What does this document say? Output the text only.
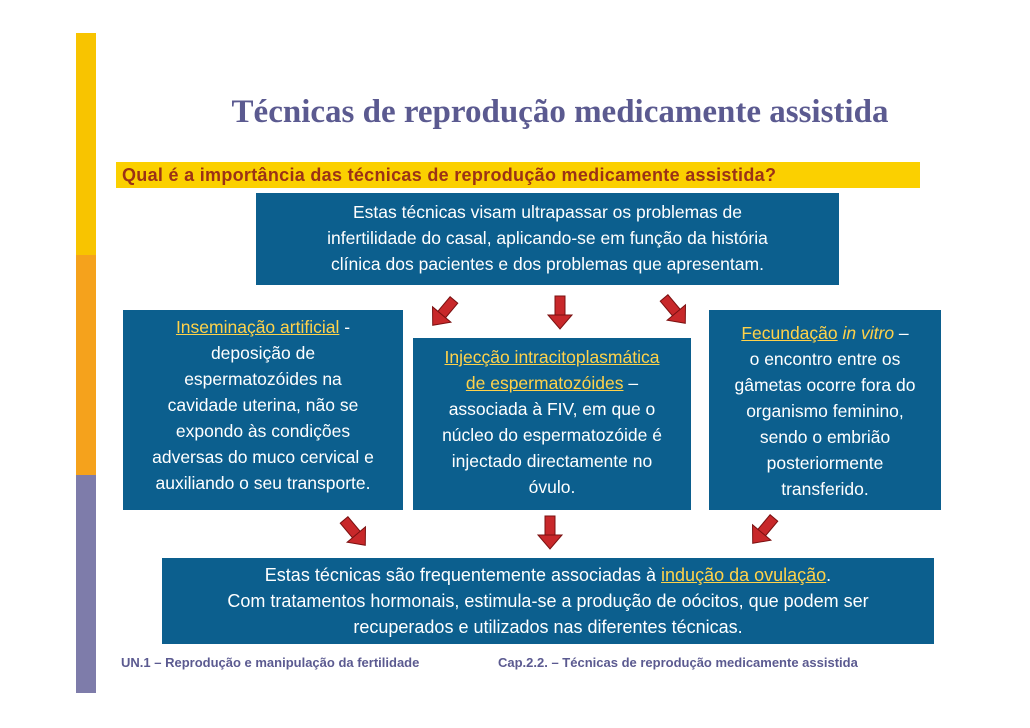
Técnicas de reprodução medicamente assistida
Qual é a importância das técnicas de reprodução medicamente assistida?
Estas técnicas visam ultrapassar os problemas de
infertilidade do casal, aplicando-se em função da história
clínica dos pacientes e dos problemas que apresentam.
Inseminação artificial -
deposição de
espermatozóides na
cavidade uterina, não se
expondo às condições
adversas do muco cervical e
auxiliando o seu transporte.
Injecção intracitoplasmática
de espermatozóides –
associada à FIV, em que o
núcleo do espermatozóide é
injectado directamente no
óvulo.
Fecundação in vitro –
o encontro entre os
gâmetas ocorre fora do
organismo feminino,
sendo o embrião
posteriormente
transferido.
Estas técnicas são frequentemente associadas à indução da ovulação.
Com tratamentos hormonais, estimula-se a produção de oócitos, que podem ser
recuperados e utilizados nas diferentes técnicas.
UN.1 – Reprodução e manipulação da fertilidade	Cap.2.2. – Técnicas de reprodução medicamente assistida
